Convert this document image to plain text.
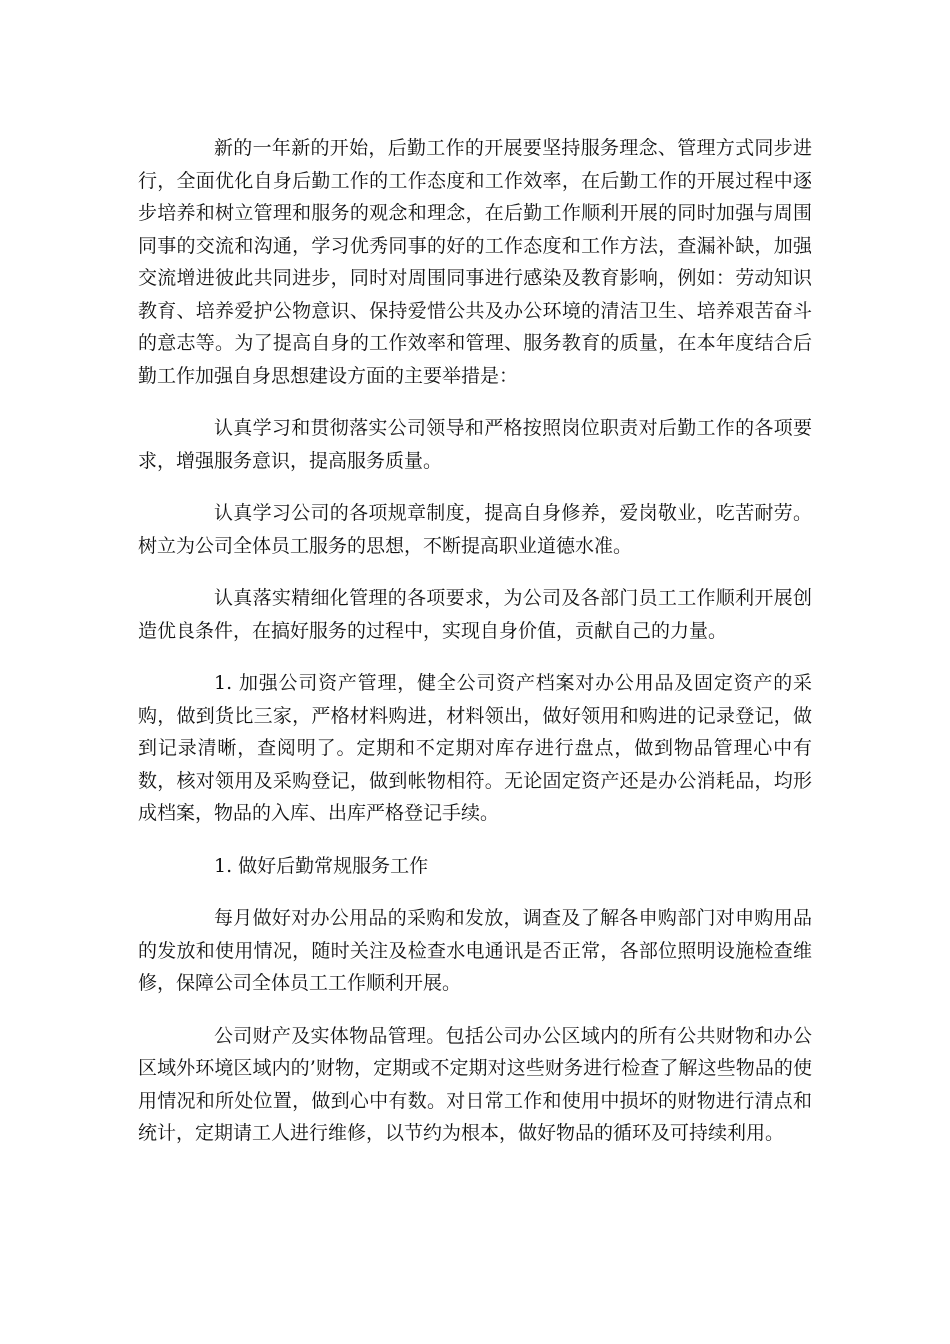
新的一年新的开始，后勤工作的开展要坚持服务理念、管理方式同步进行，全面优化自身后勤工作的工作态度和工作效率，在后勤工作的开展过程中逐步培养和树立管理和服务的观念和理念，在后勤工作顺利开展的同时加强与周围同事的交流和沟通，学习优秀同事的好的工作态度和工作方法，查漏补缺，加强交流增进彼此共同进步，同时对周围同事进行感染及教育影响，例如：劳动知识教育、培养爱护公物意识、保持爱惜公共及办公环境的清洁卫生、培养艰苦奋斗的意志等。为了提高自身的工作效率和管理、服务教育的质量，在本年度结合后勤工作加强自身思想建设方面的主要举措是：

认真学习和贯彻落实公司领导和严格按照岗位职责对后勤工作的各项要求，增强服务意识，提高服务质量。

认真学习公司的各项规章制度，提高自身修养，爱岗敬业，吃苦耐劳。树立为公司全体员工服务的思想，不断提高职业道德水准。

认真落实精细化管理的各项要求，为公司及各部门员工工作顺利开展创造优良条件，在搞好服务的过程中，实现自身价值，贡献自己的力量。

1. 加强公司资产管理，健全公司资产档案对办公用品及固定资产的采购，做到货比三家，严格材料购进，材料领出，做好领用和购进的记录登记，做到记录清晰，查阅明了。定期和不定期对库存进行盘点，做到物品管理心中有数，核对领用及采购登记，做到帐物相符。无论固定资产还是办公消耗品，均形成档案，物品的入库、出库严格登记手续。

1. 做好后勤常规服务工作

每月做好对办公用品的采购和发放，调查及了解各申购部门对申购用品的发放和使用情况，随时关注及检查水电通讯是否正常，各部位照明设施检查维修，保障公司全体员工工作顺利开展。

公司财产及实体物品管理。包括公司办公区域内的所有公共财物和办公区域外环境区域内的’财物，定期或不定期对这些财务进行检查了解这些物品的使用情况和所处位置，做到心中有数。对日常工作和使用中损坏的财物进行清点和统计，定期请工人进行维修，以节约为根本，做好物品的循环及可持续利用。
